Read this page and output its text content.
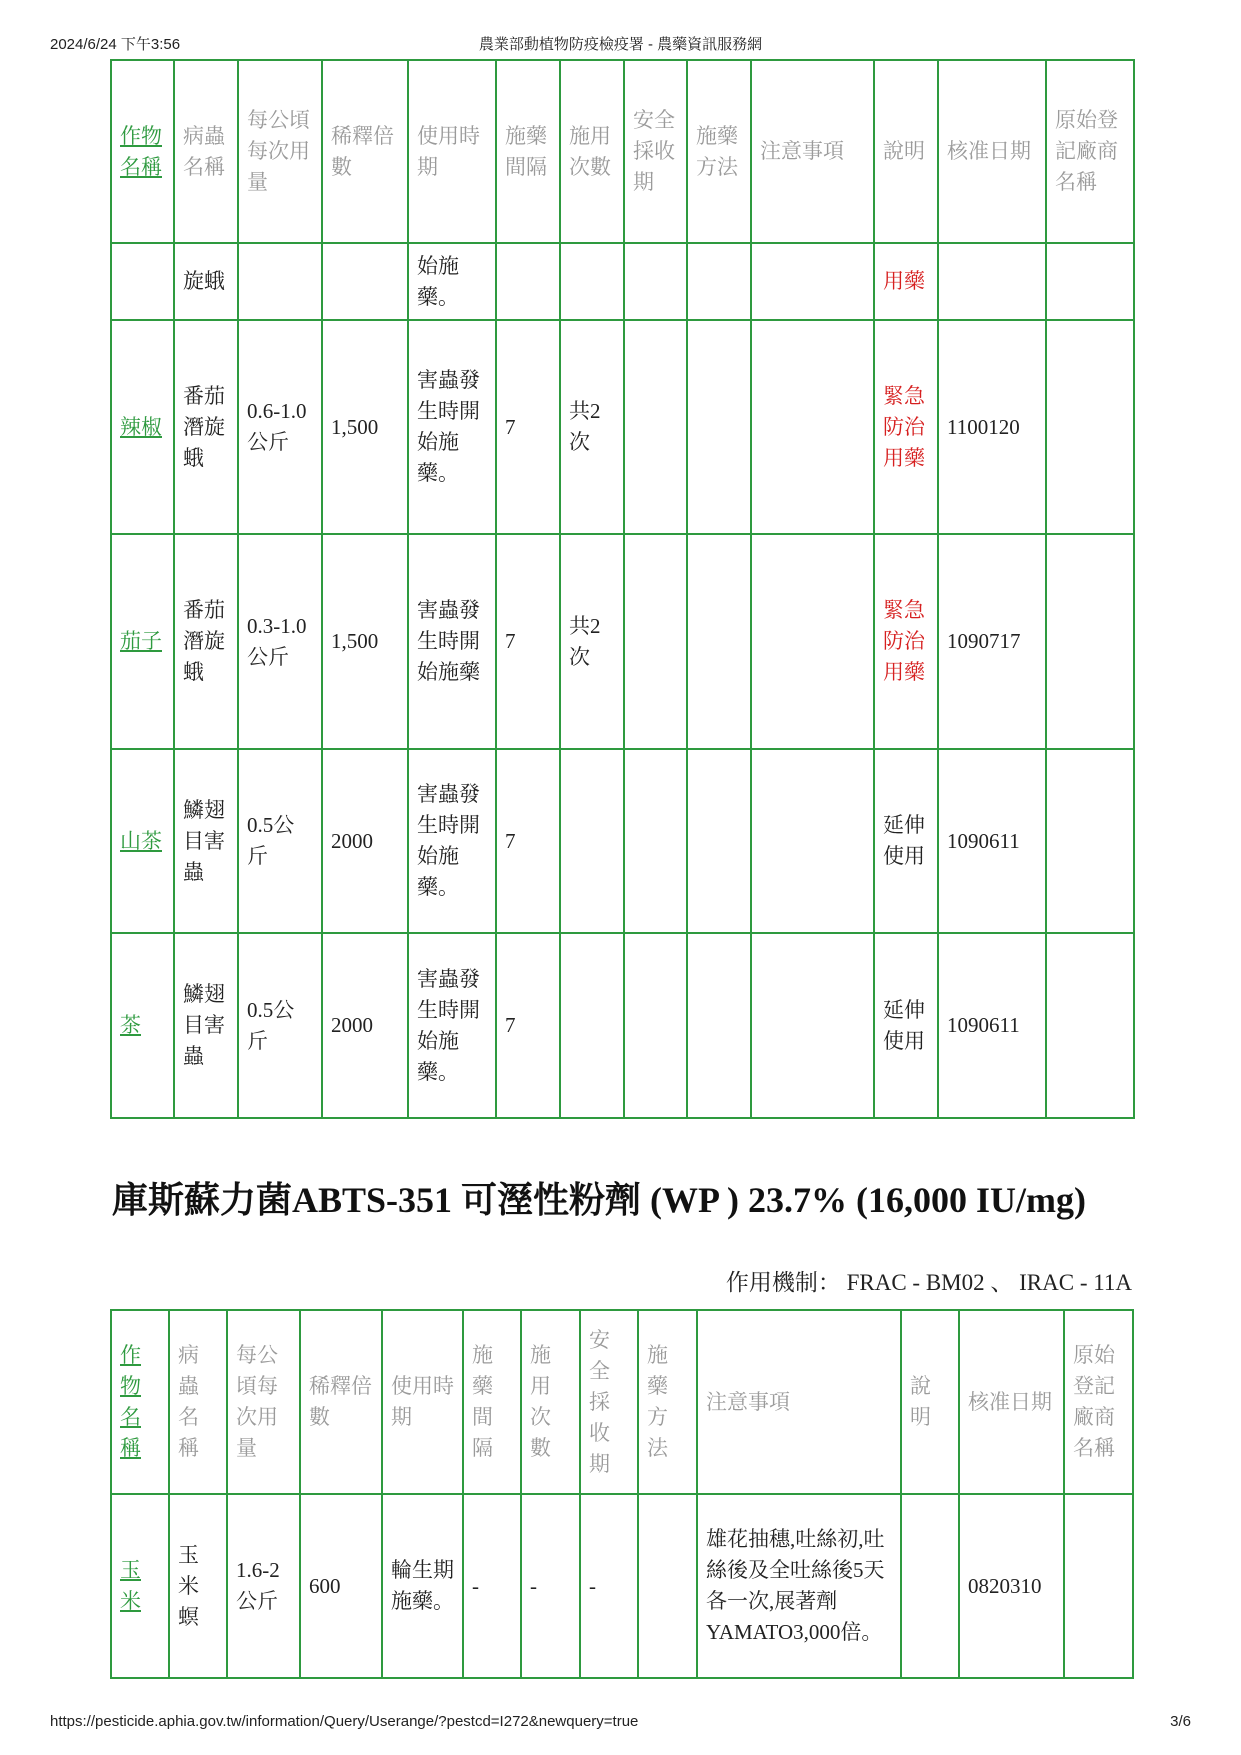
2024/6/24 下午3:56	農業部動植物防疫檢疫署 - 農藥資訊服務網
作物名稱	病蟲名稱	每公頃每次用量	稀釋倍數	使用時期	施藥間隔	施用次數	安全採收期	施藥方法	注意事項	說明	核准日期	原始登記廠商名稱
	旋蛾			始施藥。						用藥		
辣椒	番茄潛旋蛾	0.6-1.0 公斤	1,500	害蟲發生時開始施藥。	7	共2次				緊急防治用藥	1100120	
茄子	番茄潛旋蛾	0.3-1.0公斤	1,500	害蟲發生時開始施藥	7	共2次				緊急防治用藥	1090717	
山茶	鱗翅目害蟲	0.5公斤	2000	害蟲發生時開始施藥。	7					延伸使用	1090611	
茶	鱗翅目害蟲	0.5公斤	2000	害蟲發生時開始施藥。	7					延伸使用	1090611	
庫斯蘇力菌ABTS-351 可溼性粉劑 (WP ) 23.7% (16,000 IU/mg)
作用機制： FRAC - BM02 、 IRAC - 11A
作物名稱	病蟲名稱	每公頃每次用量	稀釋倍數	使用時期	施藥間隔	施用次數	安全採收期	施藥方法	注意事項	說明	核准日期	原始登記廠商名稱
玉米	玉米螟	1.6-2公斤	600	輪生期施藥。	-	-	-		雄花抽穗,吐絲初,吐絲後及全吐絲後5天各一次,展著劑YAMATO3,000倍。		0820310	
https://pesticide.aphia.gov.tw/information/Query/Userange/?pestcd=I272&newquery=true	3/6
